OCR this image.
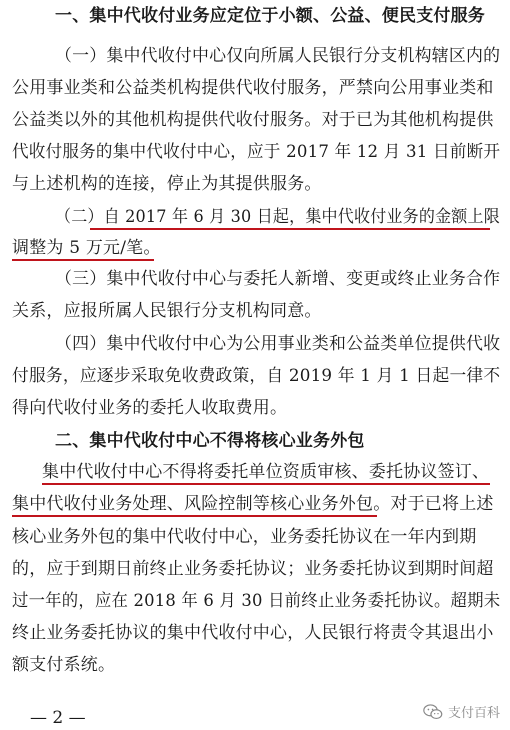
一、集中代收付业务应定位于小额、公益、便民支付服务
（一）集中代收付中心仅向所属人民银行分支机构辖区内的
公用事业类和公益类机构提供代收付服务，严禁向公用事业类和
公益类以外的其他机构提供代收付服务。对于已为其他机构提供
代收付服务的集中代收付中心，应于 2017 年 12 月 31 日前断开
与上述机构的连接，停止为其提供服务。
（二）自 2017 年 6 月 30 日起，集中代收付业务的金额上限
调整为 5 万元/笔。
（三）集中代收付中心与委托人新增、变更或终止业务合作
关系，应报所属人民银行分支机构同意。
（四）集中代收付中心为公用事业类和公益类单位提供代收
付服务，应逐步采取免收费政策，自 2019 年 1 月 1 日起一律不
得向代收付业务的委托人收取费用。
二、集中代收付中心不得将核心业务外包
集中代收付中心不得将委托单位资质审核、委托协议签订、
集中代收付业务处理、风险控制等核心业务外包。对于已将上述
核心业务外包的集中代收付中心，业务委托协议在一年内到期
的，应于到期日前终止业务委托协议；业务委托协议到期时间超
过一年的，应在 2018 年 6 月 30 日前终止业务委托协议。超期未
终止业务委托协议的集中代收付中心，人民银行将责令其退出小
额支付系统。
— 2 —	支付百科
